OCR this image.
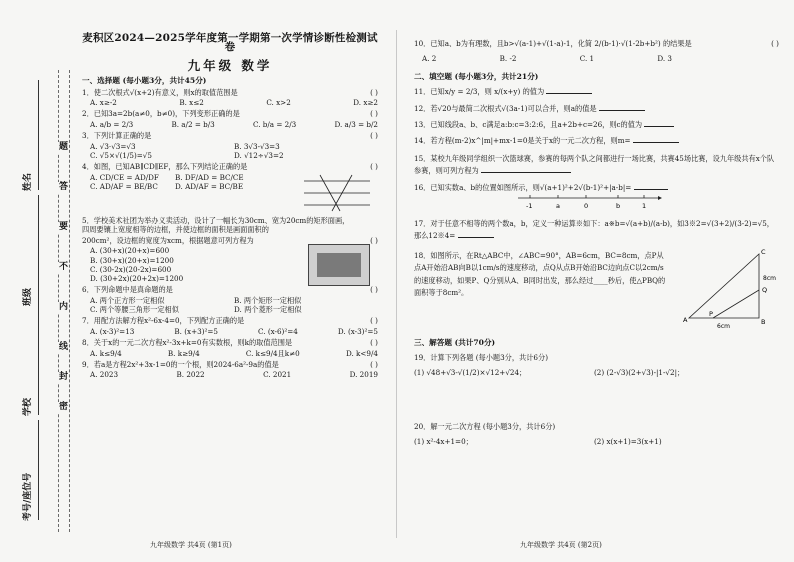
题
答
要
不
内
线
封
密
姓名
班级
学校
考号/座位号
麦积区2024—2025学年度第一学期第一次学情诊断性检测试卷
九年级 数学
一、选择题 (每小题3分，共计45分)
1．使二次根式√(x+2)有意义，则x的取值范围是	( )
A. x≥-2	B. x≤2	C. x>2	D. x≥2
2．已知3a=2b(a≠0，b≠0)，下列变形正确的是	( )
A. a/b = 2/3	B. a/2 = b/3	C. b/a = 2/3	D. a/3 = b/2
3．下列计算正确的是	( )
A. √3·√3=√3	B. 3√3-√3=3
C. √5×√(1/5)=√5	D. √12÷√3=2
4．如图，已知AB∥CD∥EF，那么下列结论正确的是	( )
A. CD/CE = AD/DF	B. DF/AD = BC/CE
C. AD/AF = BE/BC	D. AD/AF = BC/BE
5．学校美术社团为举办义卖活动，设计了一幅长为30cm、宽为20cm的矩形面画，四周要镶上宽度相等的边框，并使边框的面积是画面面积的
200cm²，设边框的宽度为xcm，根据题意可列方程为	( )
A. (30+x)(20+x)=600
B. (30+x)(20+x)=1200
C. (30-2x)(20-2x)=600
D. (30+2x)(20+2x)=1200
6．下列命题中是真命题的是	( )
A. 两个正方形一定相似	B. 两个矩形一定相似
C. 两个等腰三角形一定相似	D. 两个菱形一定相似
7．用配方法解方程x²-6x-4=0，下列配方正确的是	( )
A. (x-3)²=13	B. (x+3)²=5	C. (x-6)²=4	D. (x-3)²=5
8．关于x的一元二次方程x²-3x+k=0有实数根，则k的取值范围是	( )
A. k≤9/4	B. k≥9/4	C. k≤9/4且k≠0	D. k<9/4
9．若a是方程2x²+3x-1=0的一个根，则2024-6a²-9a的值是	( )
A. 2023	B. 2022	C. 2021	D. 2019
九年级数学 共4页 (第1页)
10．已知a、b为有理数，且b>√(a-1)+√(1-a)-1，化简 2/(b-1)·√(1-2b+b²) 的结果是	( )
A. 2	B. -2	C. 1	D. 3
二、填空题 (每小题3分，共计21分)
11．已知x/y = 2/3，则 x/(x+y) 的值为
12．若√20与最简二次根式√(3a-1)可以合并，则a的值是
13．已知线段a、b、c满足a:b:c=3:2:6，且a+2b+c=26，则c的值为
14．若方程(m-2)x^|m|+mx-1=0是关于x的一元二次方程，则m=
15．某校九年级同学组织一次篮球赛，参赛的每两个队之间都进行一场比赛，共赛45场比赛，设九年级共有x个队参赛，则可列方程为
16．已知实数a、b的位置如图所示，则√(a+1)²+2√(b-1)²+|a-b|=
-1	a	0	b	1
17．对于任意不相等的两个数a，b，定义一种运算※如下：a※b=√(a+b)/(a-b)，如3※2=√(3+2)/(3-2)=√5，那么12※4=
18．如图所示，在Rt△ABC中，∠ABC=90°，AB=6cm，BC=8cm，点P从点A开始沿AB向B以1cm/s的速度移动，点Q从点B开始沿BC边向点C以2cm/s的速度移动，如果P、Q分别从A、B同时出发，那么经过____秒后，使△PBQ的面积等于8cm²。
A	B
C
P
Q
6cm
8cm
三、解答题 (共计70分)
19．计算下列各题 (每小题3分，共计6分)
(1) √48+√3-√(1/2)×√12+√24；	(2) (2-√3)(2+√3)-|1-√2|；
20．解一元二次方程 (每小题3分，共计6分)
(1) x²-4x+1=0；	(2) x(x+1)=3(x+1)
九年级数学 共4页 (第2页)
